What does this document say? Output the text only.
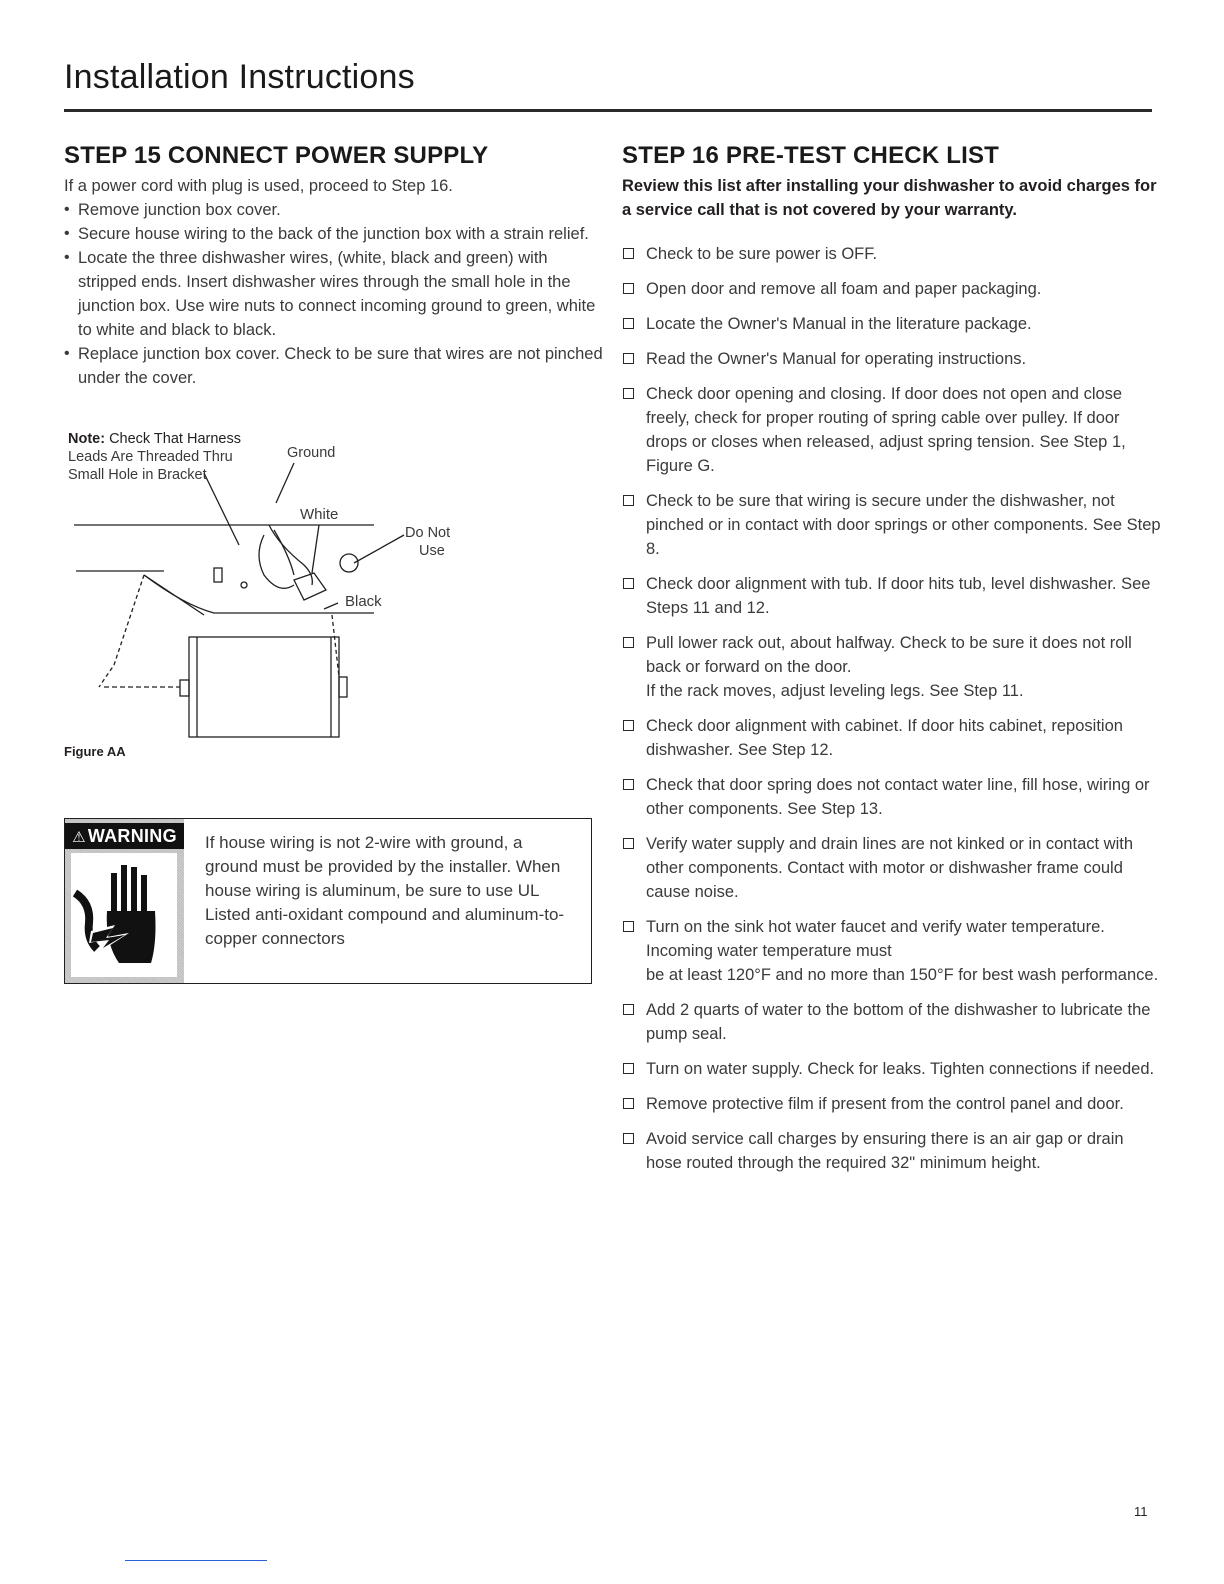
Installation Instructions
STEP 15 CONNECT POWER SUPPLY

If a power cord with plug is used, proceed to Step 16.

• Remove junction box cover.
• Secure house wiring to the back of the junction box with a strain relief.
• Locate the three dishwasher wires, (white, black and green) with stripped ends. Insert dishwasher wires through the small hole in the junction box. Use wire nuts to connect incoming ground to green, white to white and black to black.
• Replace junction box cover. Check to be sure that wires are not pinched under the cover.
Note: Check That Harness
Leads Are Threaded Thru
Small Hole in Bracket
Ground
White
Do Not
Use
Black
Figure AA
⚠ WARNING	If house wiring is not 2-wire with ground, a ground must be provided by the installer. When house wiring is aluminum, be sure to use UL Listed anti-oxidant compound and aluminum-to-copper connectors
STEP 16 PRE-TEST CHECK LIST

Review this list after installing your dishwasher to avoid charges for a service call that is not covered by your warranty.

Check to be sure power is OFF.
Open door and remove all foam and paper packaging.
Locate the Owner's Manual in the literature package.
Read the Owner's Manual for operating instructions.
Check door opening and closing. If door does not open and close freely, check for proper routing of spring cable over pulley. If door drops or closes when released, adjust spring tension. See Step 1, Figure G.
Check to be sure that wiring is secure under the dishwasher, not pinched or in contact with door springs or other components. See Step 8.
Check door alignment with tub. If door hits tub, level dishwasher. See Steps 11 and 12.
Pull lower rack out, about halfway. Check to be sure it does not roll back or forward on the door.
If the rack moves, adjust leveling legs. See Step 11.
Check door alignment with cabinet. If door hits cabinet, reposition dishwasher. See Step 12.
Check that door spring does not contact water line, fill hose, wiring or other components. See Step 13.
Verify water supply and drain lines are not kinked or in contact with other components. Contact with motor or dishwasher frame could cause noise.
Turn on the sink hot water faucet and verify water temperature. Incoming water temperature must
be at least 120°F and no more than 150°F for best wash performance.
Add 2 quarts of water to the bottom of the dishwasher to lubricate the pump seal.
Turn on water supply. Check for leaks. Tighten connections if needed.
Remove protective film if present from the control panel and door.
Avoid service call charges by ensuring there is an air gap or drain hose routed through the required 32" minimum height.
11
